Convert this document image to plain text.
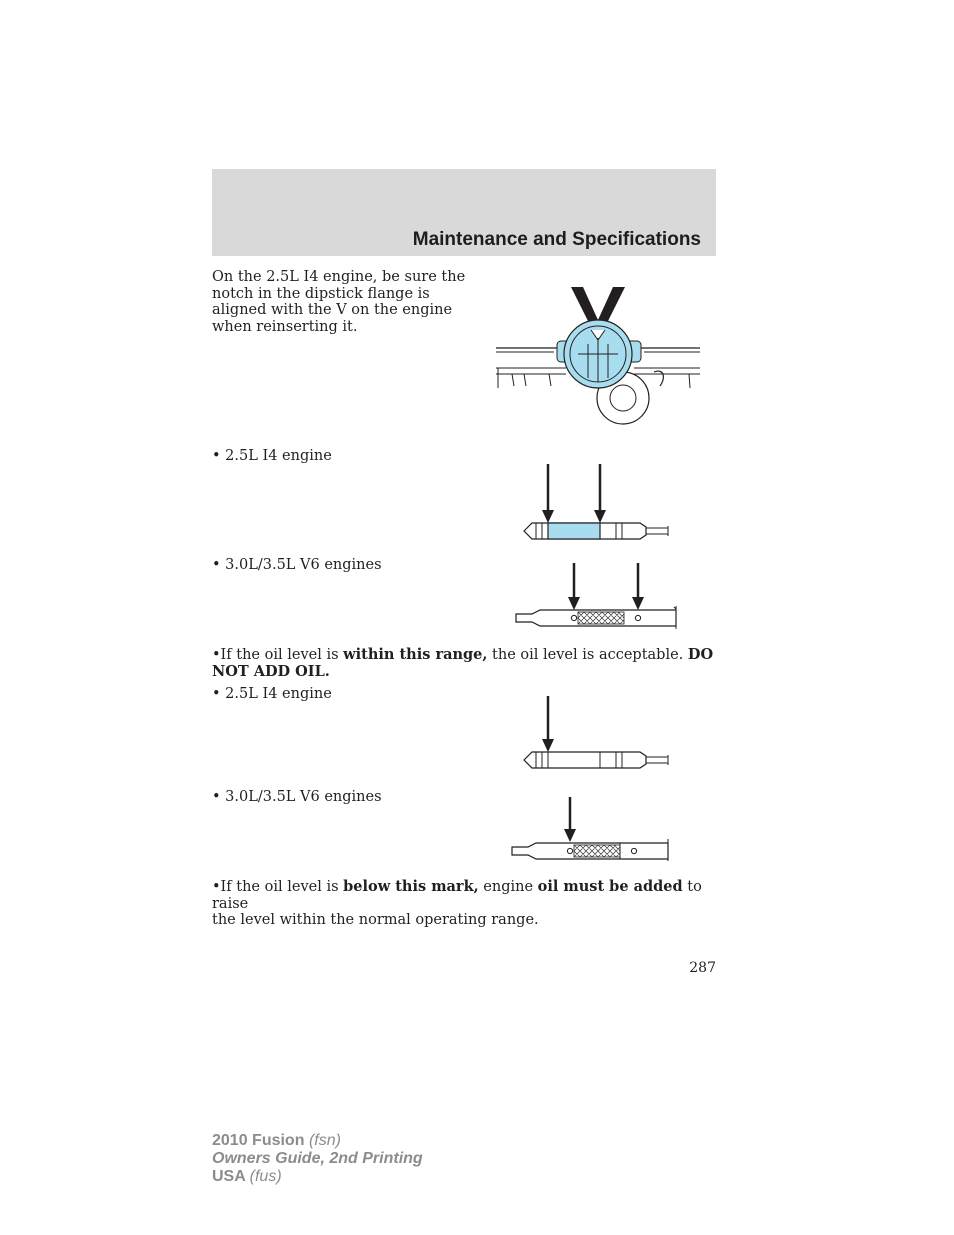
Maintenance and Specifications
On the 2.5L I4 engine, be sure the
notch in the dipstick flange is
aligned with the V on the engine
when reinserting it.
• 2.5L I4 engine
• 3.0L/3.5L V6 engines
•If the oil level is within this range, the oil level is acceptable. DO
NOT ADD OIL.
• 2.5L I4 engine
• 3.0L/3.5L V6 engines
•If the oil level is below this mark, engine oil must be added to raise
the level within the normal operating range.
287
2010 Fusion (fsn)
Owners Guide, 2nd Printing
USA (fus)
